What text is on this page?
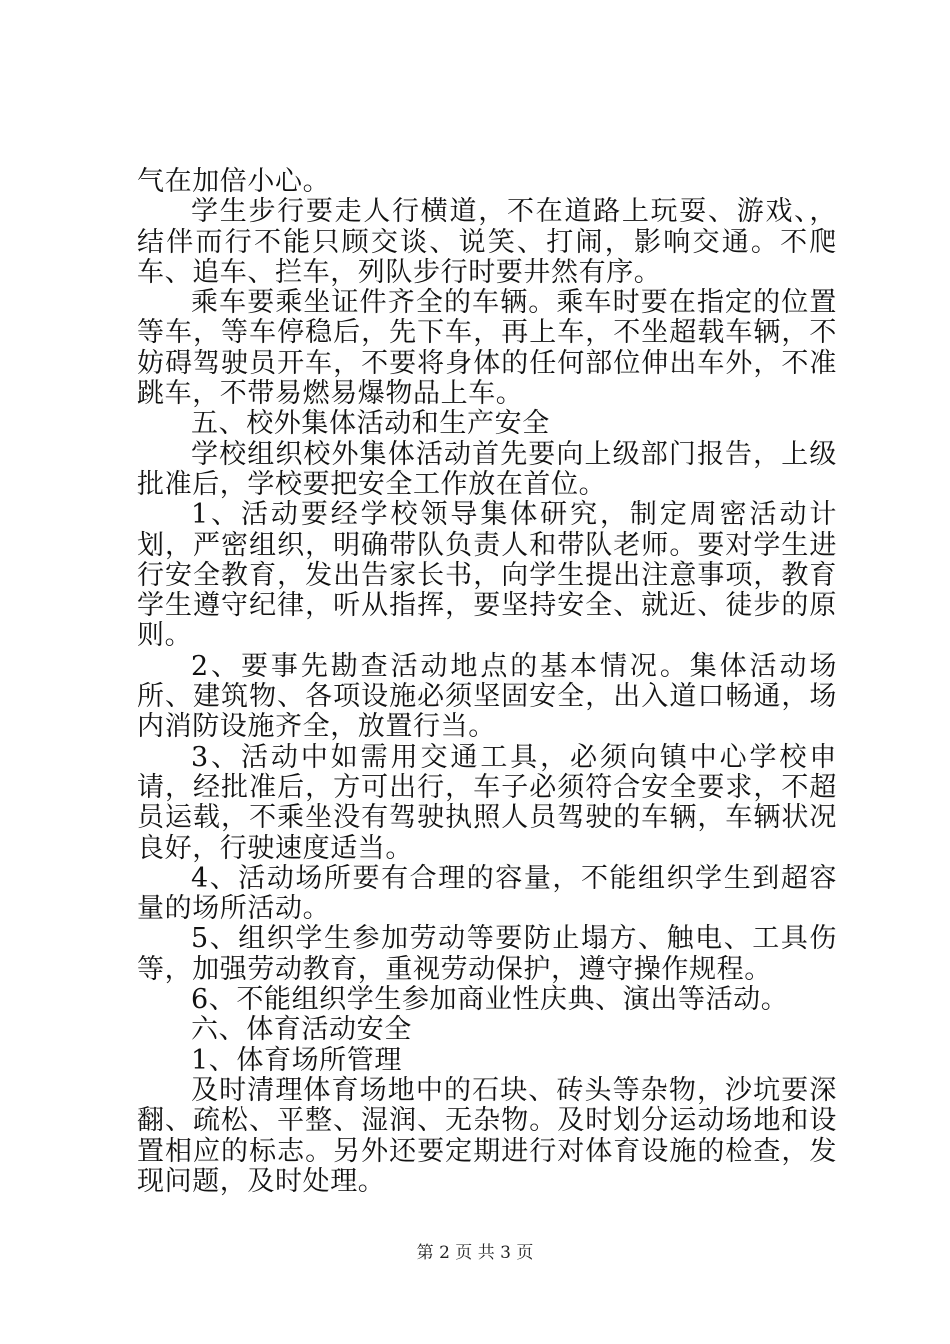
气在加倍小心。

学生步行要走人行横道，不在道路上玩耍、游戏、，结伴而行不能只顾交谈、说笑、打闹，影响交通。不爬车、追车、拦车，列队步行时要井然有序。

乘车要乘坐证件齐全的车辆。乘车时要在指定的位置等车，等车停稳后，先下车，再上车，不坐超载车辆，不妨碍驾驶员开车，不要将身体的任何部位伸出车外，不准跳车，不带易燃易爆物品上车。

五、校外集体活动和生产安全

学校组织校外集体活动首先要向上级部门报告，上级批准后，学校要把安全工作放在首位。

1、活动要经学校领导集体研究，制定周密活动计划，严密组织，明确带队负责人和带队老师。要对学生进行安全教育，发出告家长书，向学生提出注意事项，教育学生遵守纪律，听从指挥，要坚持安全、就近、徒步的原则。

2、要事先勘查活动地点的基本情况。集体活动场所、建筑物、各项设施必须坚固安全，出入道口畅通，场内消防设施齐全，放置行当。

3、活动中如需用交通工具，必须向镇中心学校申请，经批准后，方可出行，车子必须符合安全要求，不超员运载，不乘坐没有驾驶执照人员驾驶的车辆，车辆状况良好，行驶速度适当。

4、活动场所要有合理的容量，不能组织学生到超容量的场所活动。

5、组织学生参加劳动等要防止塌方、触电、工具伤等，加强劳动教育，重视劳动保护，遵守操作规程。

6、不能组织学生参加商业性庆典、演出等活动。

六、体育活动安全

1、体育场所管理

及时清理体育场地中的石块、砖头等杂物，沙坑要深翻、疏松、平整、湿润、无杂物。及时划分运动场地和设置相应的标志。另外还要定期进行对体育设施的检查，发现问题，及时处理。

第 2 页 共 3 页
